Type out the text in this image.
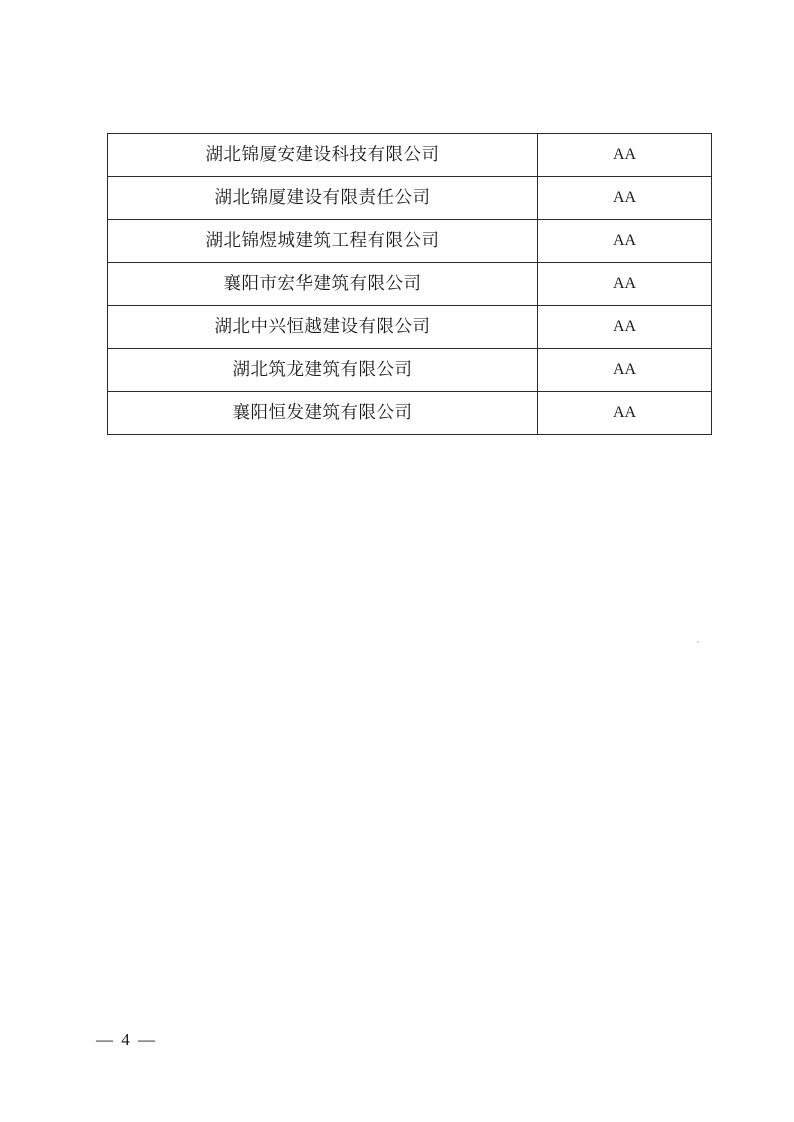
湖北锦厦安建设科技有限公司	AA
湖北锦厦建设有限责任公司	AA
湖北锦煜城建筑工程有限公司	AA
襄阳市宏华建筑有限公司	AA
湖北中兴恒越建设有限公司	AA
湖北筑龙建筑有限公司	AA
襄阳恒发建筑有限公司	AA
— 4 —
